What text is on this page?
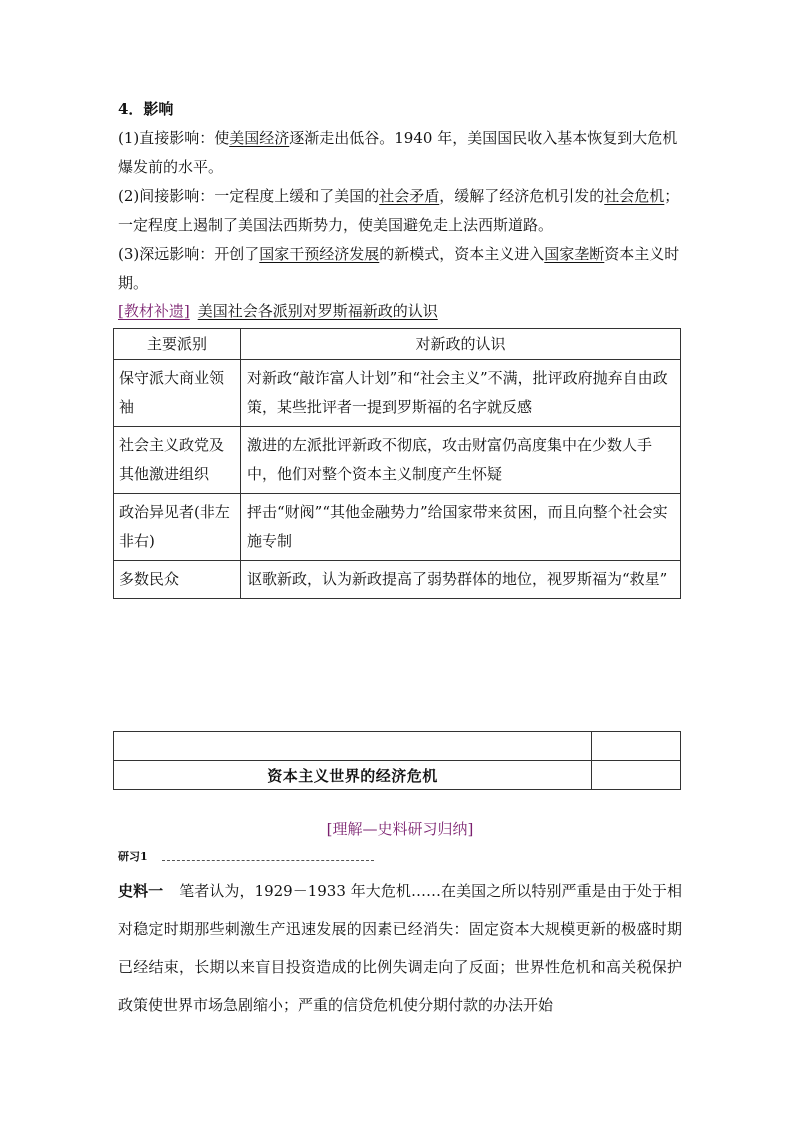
4．影响
(1)直接影响：使美国经济逐渐走出低谷。1940 年，美国国民收入基本恢复到大危机爆发前的水平。
(2)间接影响：一定程度上缓和了美国的社会矛盾，缓解了经济危机引发的社会危机；一定程度上遏制了美国法西斯势力，使美国避免走上法西斯道路。
(3)深远影响：开创了国家干预经济发展的新模式，资本主义进入国家垄断资本主义时期。
[教材补遗] 美国社会各派别对罗斯福新政的认识
主要派别	对新政的认识
保守派大商业领袖	对新政“敲诈富人计划”和“社会主义”不满，批评政府抛弃自由政策，某些批评者一提到罗斯福的名字就反感
社会主义政党及其他激进组织	激进的左派批评新政不彻底，攻击财富仍高度集中在少数人手中，他们对整个资本主义制度产生怀疑
政治异见者(非左非右)	抨击“财阀”“其他金融势力”给国家带来贫困，而且向整个社会实施专制
多数民众	讴歌新政，认为新政提高了弱势群体的地位，视罗斯福为“救星”

资本主义世界的经济危机	
[理解—史料研习归纳]
研习1
史料一 笔者认为，1929－1933 年大危机……在美国之所以特别严重是由于处于相对稳定时期那些刺激生产迅速发展的因素已经消失：固定资本大规模更新的极盛时期已经结束，长期以来盲目投资造成的比例失调走向了反面；世界性危机和高关税保护政策使世界市场急剧缩小；严重的信贷危机使分期付款的办法开始
